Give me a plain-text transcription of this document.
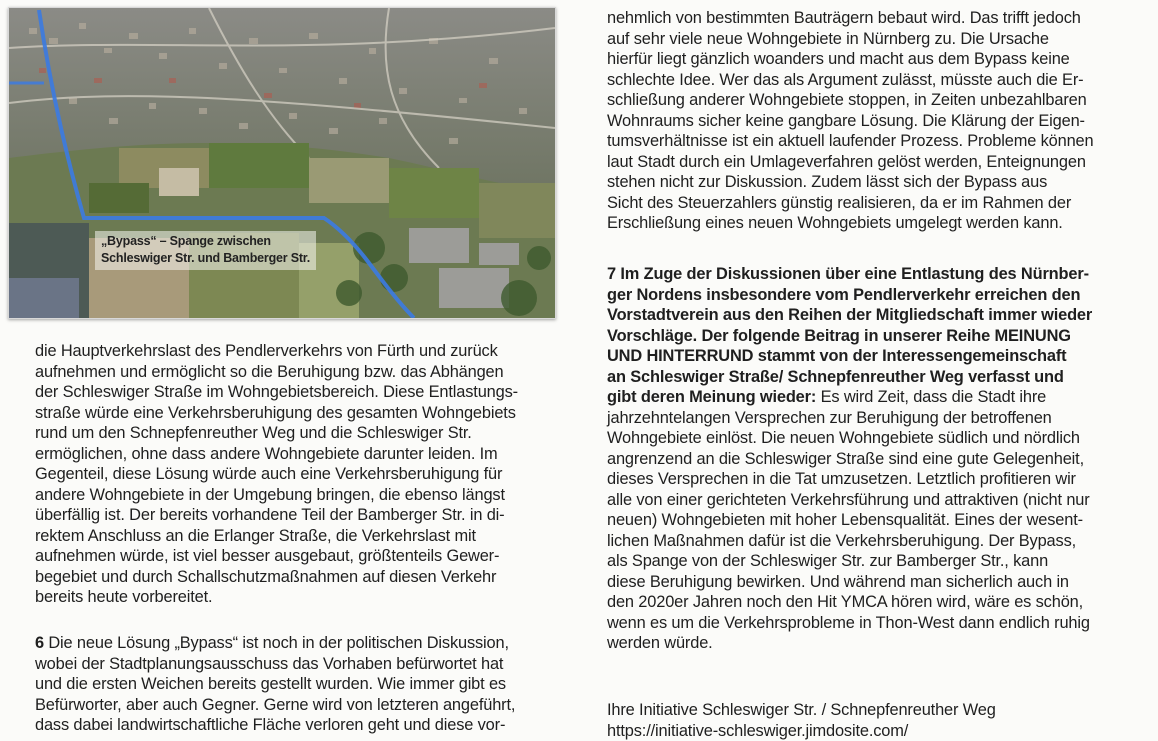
„Bypass“ – Spange zwischen
Schleswiger Str. und Bamberger Str.

die Hauptverkehrslast des Pendlerverkehrs von Fürth und zurück
aufnehmen und ermöglicht so die Beruhigung bzw. das Abhängen
der Schleswiger Straße im Wohngebietsbereich. Diese Entlastungs-
straße würde eine Verkehrsberuhigung des gesamten Wohngebiets
rund um den Schnepfenreuther Weg und die Schleswiger Str.
ermöglichen, ohne dass andere Wohngebiete darunter leiden. Im
Gegenteil, diese Lösung würde auch eine Verkehrsberuhigung für
andere Wohngebiete in der Umgebung bringen, die ebenso längst
überfällig ist. Der bereits vorhandene Teil der Bamberger Str. in di-
rektem Anschluss an die Erlanger Straße, die Verkehrslast mit
aufnehmen würde, ist viel besser ausgebaut, größtenteils Gewer-
begebiet und durch Schallschutzmaßnahmen auf diesen Verkehr
bereits heute vorbereitet.

6 Die neue Lösung „Bypass“ ist noch in der politischen Diskussion,
wobei der Stadtplanungsausschuss das Vorhaben befürwortet hat
und die ersten Weichen bereits gestellt wurden. Wie immer gibt es
Befürworter, aber auch Gegner. Gerne wird von letzteren angeführt,
dass dabei landwirtschaftliche Fläche verloren geht und diese vor-

nehmlich von bestimmten Bauträgern bebaut wird. Das trifft jedoch
auf sehr viele neue Wohngebiete in Nürnberg zu. Die Ursache
hierfür liegt gänzlich woanders und macht aus dem Bypass keine
schlechte Idee. Wer das als Argument zulässt, müsste auch die Er-
schließung anderer Wohngebiete stoppen, in Zeiten unbezahlbaren
Wohnraums sicher keine gangbare Lösung. Die Klärung der Eigen-
tumsverhältnisse ist ein aktuell laufender Prozess. Probleme können
laut Stadt durch ein Umlageverfahren gelöst werden, Enteignungen
stehen nicht zur Diskussion. Zudem lässt sich der Bypass aus
Sicht des Steuerzahlers günstig realisieren, da er im Rahmen der
Erschließung eines neuen Wohngebiets umgelegt werden kann.

7 Im Zuge der Diskussionen über eine Entlastung des Nürnber-
ger Nordens insbesondere vom Pendlerverkehr erreichen den
Vorstadtverein aus den Reihen der Mitgliedschaft immer wieder
Vorschläge. Der folgende Beitrag in unserer Reihe MEINUNG
UND HINTERRUND stammt von der Interessengemeinschaft
an Schleswiger Straße/ Schnepfenreuther Weg verfasst und
gibt deren Meinung wieder: Es wird Zeit, dass die Stadt ihre
jahrzehntelangen Versprechen zur Beruhigung der betroffenen
Wohngebiete einlöst. Die neuen Wohngebiete südlich und nördlich
angrenzend an die Schleswiger Straße sind eine gute Gelegenheit,
dieses Versprechen in die Tat umzusetzen. Letztlich profitieren wir
alle von einer gerichteten Verkehrsführung und attraktiven (nicht nur
neuen) Wohngebieten mit hoher Lebensqualität. Eines der wesent-
lichen Maßnahmen dafür ist die Verkehrsberuhigung. Der Bypass,
als Spange von der Schleswiger Str. zur Bamberger Str., kann
diese Beruhigung bewirken. Und während man sicherlich auch in
den 2020er Jahren noch den Hit YMCA hören wird, wäre es schön,
wenn es um die Verkehrsprobleme in Thon-West dann endlich ruhig
werden würde.

Ihre Initiative Schleswiger Str. / Schnepfenreuther Weg
https://initiative-schleswiger.jimdosite.com/
